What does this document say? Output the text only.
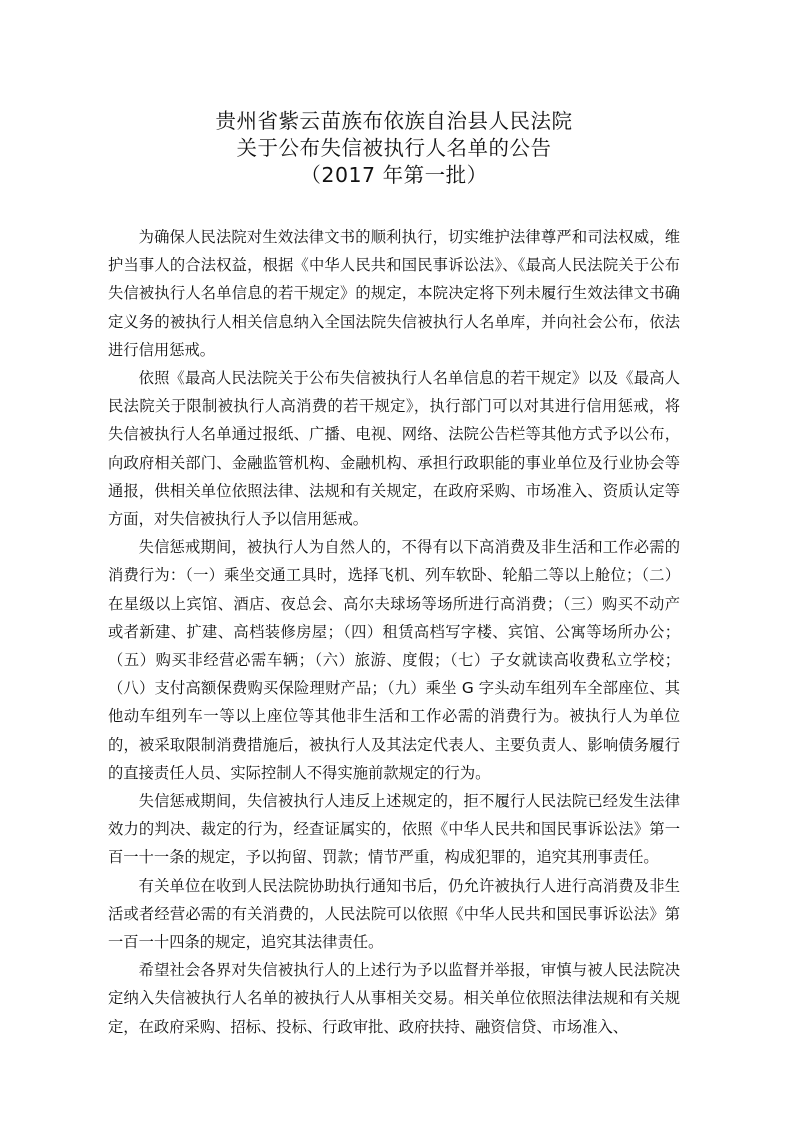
贵州省紫云苗族布依族自治县人民法院

关于公布失信被执行人名单的公告

（2017 年第一批）

为确保人民法院对生效法律文书的顺利执行，切实维护法律尊严和司法权威，维护当事人的合法权益，根据《中华人民共和国民事诉讼法》、《最高人民法院关于公布失信被执行人名单信息的若干规定》的规定，本院决定将下列未履行生效法律文书确定义务的被执行人相关信息纳入全国法院失信被执行人名单库，并向社会公布，依法进行信用惩戒。

依照《最高人民法院关于公布失信被执行人名单信息的若干规定》以及《最高人民法院关于限制被执行人高消费的若干规定》，执行部门可以对其进行信用惩戒，将失信被执行人名单通过报纸、广播、电视、网络、法院公告栏等其他方式予以公布，向政府相关部门、金融监管机构、金融机构、承担行政职能的事业单位及行业协会等通报，供相关单位依照法律、法规和有关规定，在政府采购、市场准入、资质认定等方面，对失信被执行人予以信用惩戒。

失信惩戒期间，被执行人为自然人的，不得有以下高消费及非生活和工作必需的消费行为：（一）乘坐交通工具时，选择飞机、列车软卧、轮船二等以上舱位；（二）在星级以上宾馆、酒店、夜总会、高尔夫球场等场所进行高消费；（三）购买不动产或者新建、扩建、高档装修房屋；（四）租赁高档写字楼、宾馆、公寓等场所办公；（五）购买非经营必需车辆；（六）旅游、度假；（七）子女就读高收费私立学校；（八）支付高额保费购买保险理财产品；（九）乘坐 G 字头动车组列车全部座位、其他动车组列车一等以上座位等其他非生活和工作必需的消费行为。被执行人为单位的，被采取限制消费措施后，被执行人及其法定代表人、主要负责人、影响债务履行的直接责任人员、实际控制人不得实施前款规定的行为。

失信惩戒期间，失信被执行人违反上述规定的，拒不履行人民法院已经发生法律效力的判决、裁定的行为，经查证属实的，依照《中华人民共和国民事诉讼法》第一百一十一条的规定，予以拘留、罚款；情节严重，构成犯罪的，追究其刑事责任。

有关单位在收到人民法院协助执行通知书后，仍允许被执行人进行高消费及非生活或者经营必需的有关消费的，人民法院可以依照《中华人民共和国民事诉讼法》第一百一十四条的规定，追究其法律责任。

希望社会各界对失信被执行人的上述行为予以监督并举报，审慎与被人民法院决定纳入失信被执行人名单的被执行人从事相关交易。相关单位依照法律法规和有关规定，在政府采购、招标、投标、行政审批、政府扶持、融资信贷、市场准入、
